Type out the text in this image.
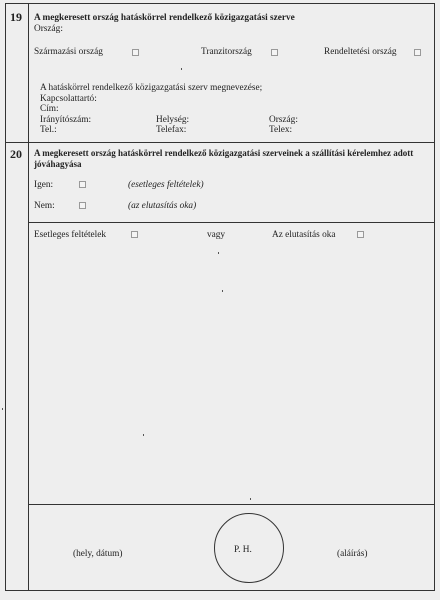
19 A megkeresett ország hatáskörrel rendelkező közigazgatási szerve
Ország:
Származási ország	Tranzitország	Rendeltetési ország
A hatáskörrel rendelkező közigazgatási szerv megnevezése;
Kapcsolattartó:
Cím:
Irányítószám:	Helység:	Ország:
Tel.:	Telefax:	Telex:
20 A megkeresett ország hatáskörrel rendelkező közigazgatási szerveinek a szállítási kérelemhez adott
jóváhagyása
Igen:	(esetleges feltételek)
Nem:	(az elutasítás oka)
Esetleges feltételek	vagy	Az elutasítás oka
(hely, dátum)	P. H.	(aláírás)
